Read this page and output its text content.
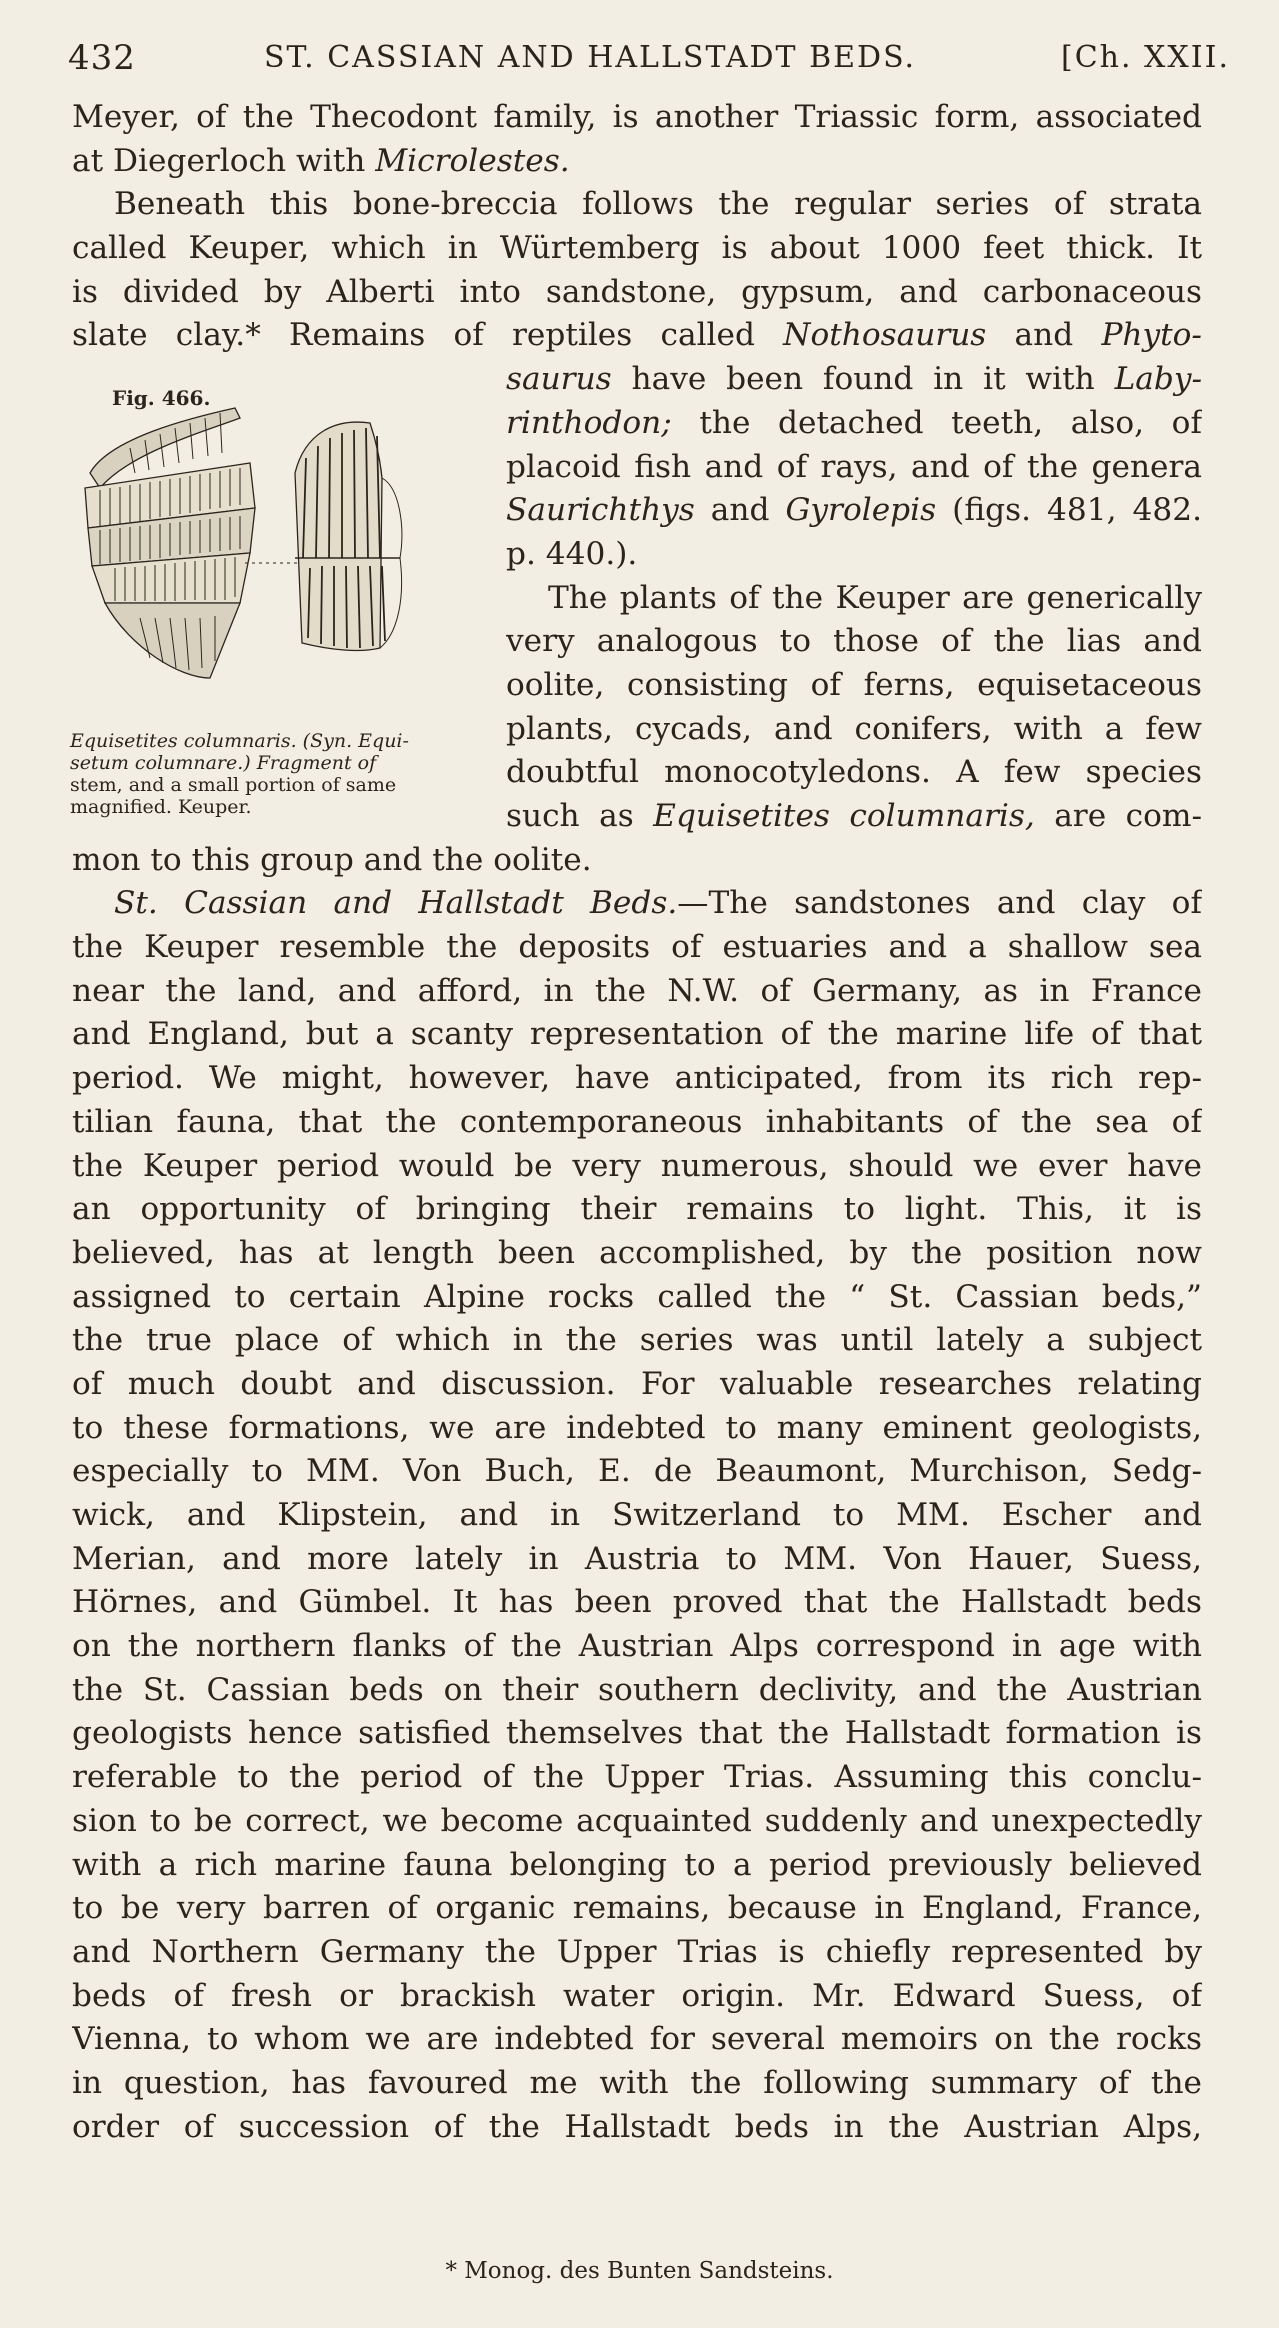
432	ST. CASSIAN AND HALLSTADT BEDS.	[Ch. XXII.
Meyer, of the Thecodont family, is another Triassic form, associated
at Diegerloch with Microlestes.
Beneath this bone-breccia follows the regular series of strata
called Keuper, which in Würtemberg is about 1000 feet thick. It
is divided by Alberti into sandstone, gypsum, and carbonaceous
slate clay.* Remains of reptiles called Nothosaurus and Phyto-
saurus have been found in it with Laby-
rinthodon; the detached teeth, also, of
placoid fish and of rays, and of the genera
Saurichthys and Gyrolepis (figs. 481, 482.
p. 440.).
The plants of the Keuper are generically
very analogous to those of the lias and
oolite, consisting of ferns, equisetaceous
plants, cycads, and conifers, with a few
doubtful monocotyledons. A few species
such as Equisetites columnaris, are com-
mon to this group and the oolite.
St. Cassian and Hallstadt Beds.—The sandstones and clay of
the Keuper resemble the deposits of estuaries and a shallow sea
near the land, and afford, in the N.W. of Germany, as in France
and England, but a scanty representation of the marine life of that
period. We might, however, have anticipated, from its rich rep-
tilian fauna, that the contemporaneous inhabitants of the sea of
the Keuper period would be very numerous, should we ever have
an opportunity of bringing their remains to light. This, it is
believed, has at length been accomplished, by the position now
assigned to certain Alpine rocks called the “ St. Cassian beds,”
the true place of which in the series was until lately a subject
of much doubt and discussion. For valuable researches relating
to these formations, we are indebted to many eminent geologists,
especially to MM. Von Buch, E. de Beaumont, Murchison, Sedg-
wick, and Klipstein, and in Switzerland to MM. Escher and
Merian, and more lately in Austria to MM. Von Hauer, Suess,
Hörnes, and Gümbel. It has been proved that the Hallstadt beds
on the northern flanks of the Austrian Alps correspond in age with
the St. Cassian beds on their southern declivity, and the Austrian
geologists hence satisfied themselves that the Hallstadt formation is
referable to the period of the Upper Trias. Assuming this conclu-
sion to be correct, we become acquainted suddenly and unexpectedly
with a rich marine fauna belonging to a period previously believed
to be very barren of organic remains, because in England, France,
and Northern Germany the Upper Trias is chiefly represented by
beds of fresh or brackish water origin. Mr. Edward Suess, of
Vienna, to whom we are indebted for several memoirs on the rocks
in question, has favoured me with the following summary of the
order of succession of the Hallstadt beds in the Austrian Alps,
Fig. 466.
Equisetites columnaris. (Syn. Equi-
setum columnare.) Fragment of
stem, and a small portion of same
magnified. Keuper.
* Monog. des Bunten Sandsteins.
